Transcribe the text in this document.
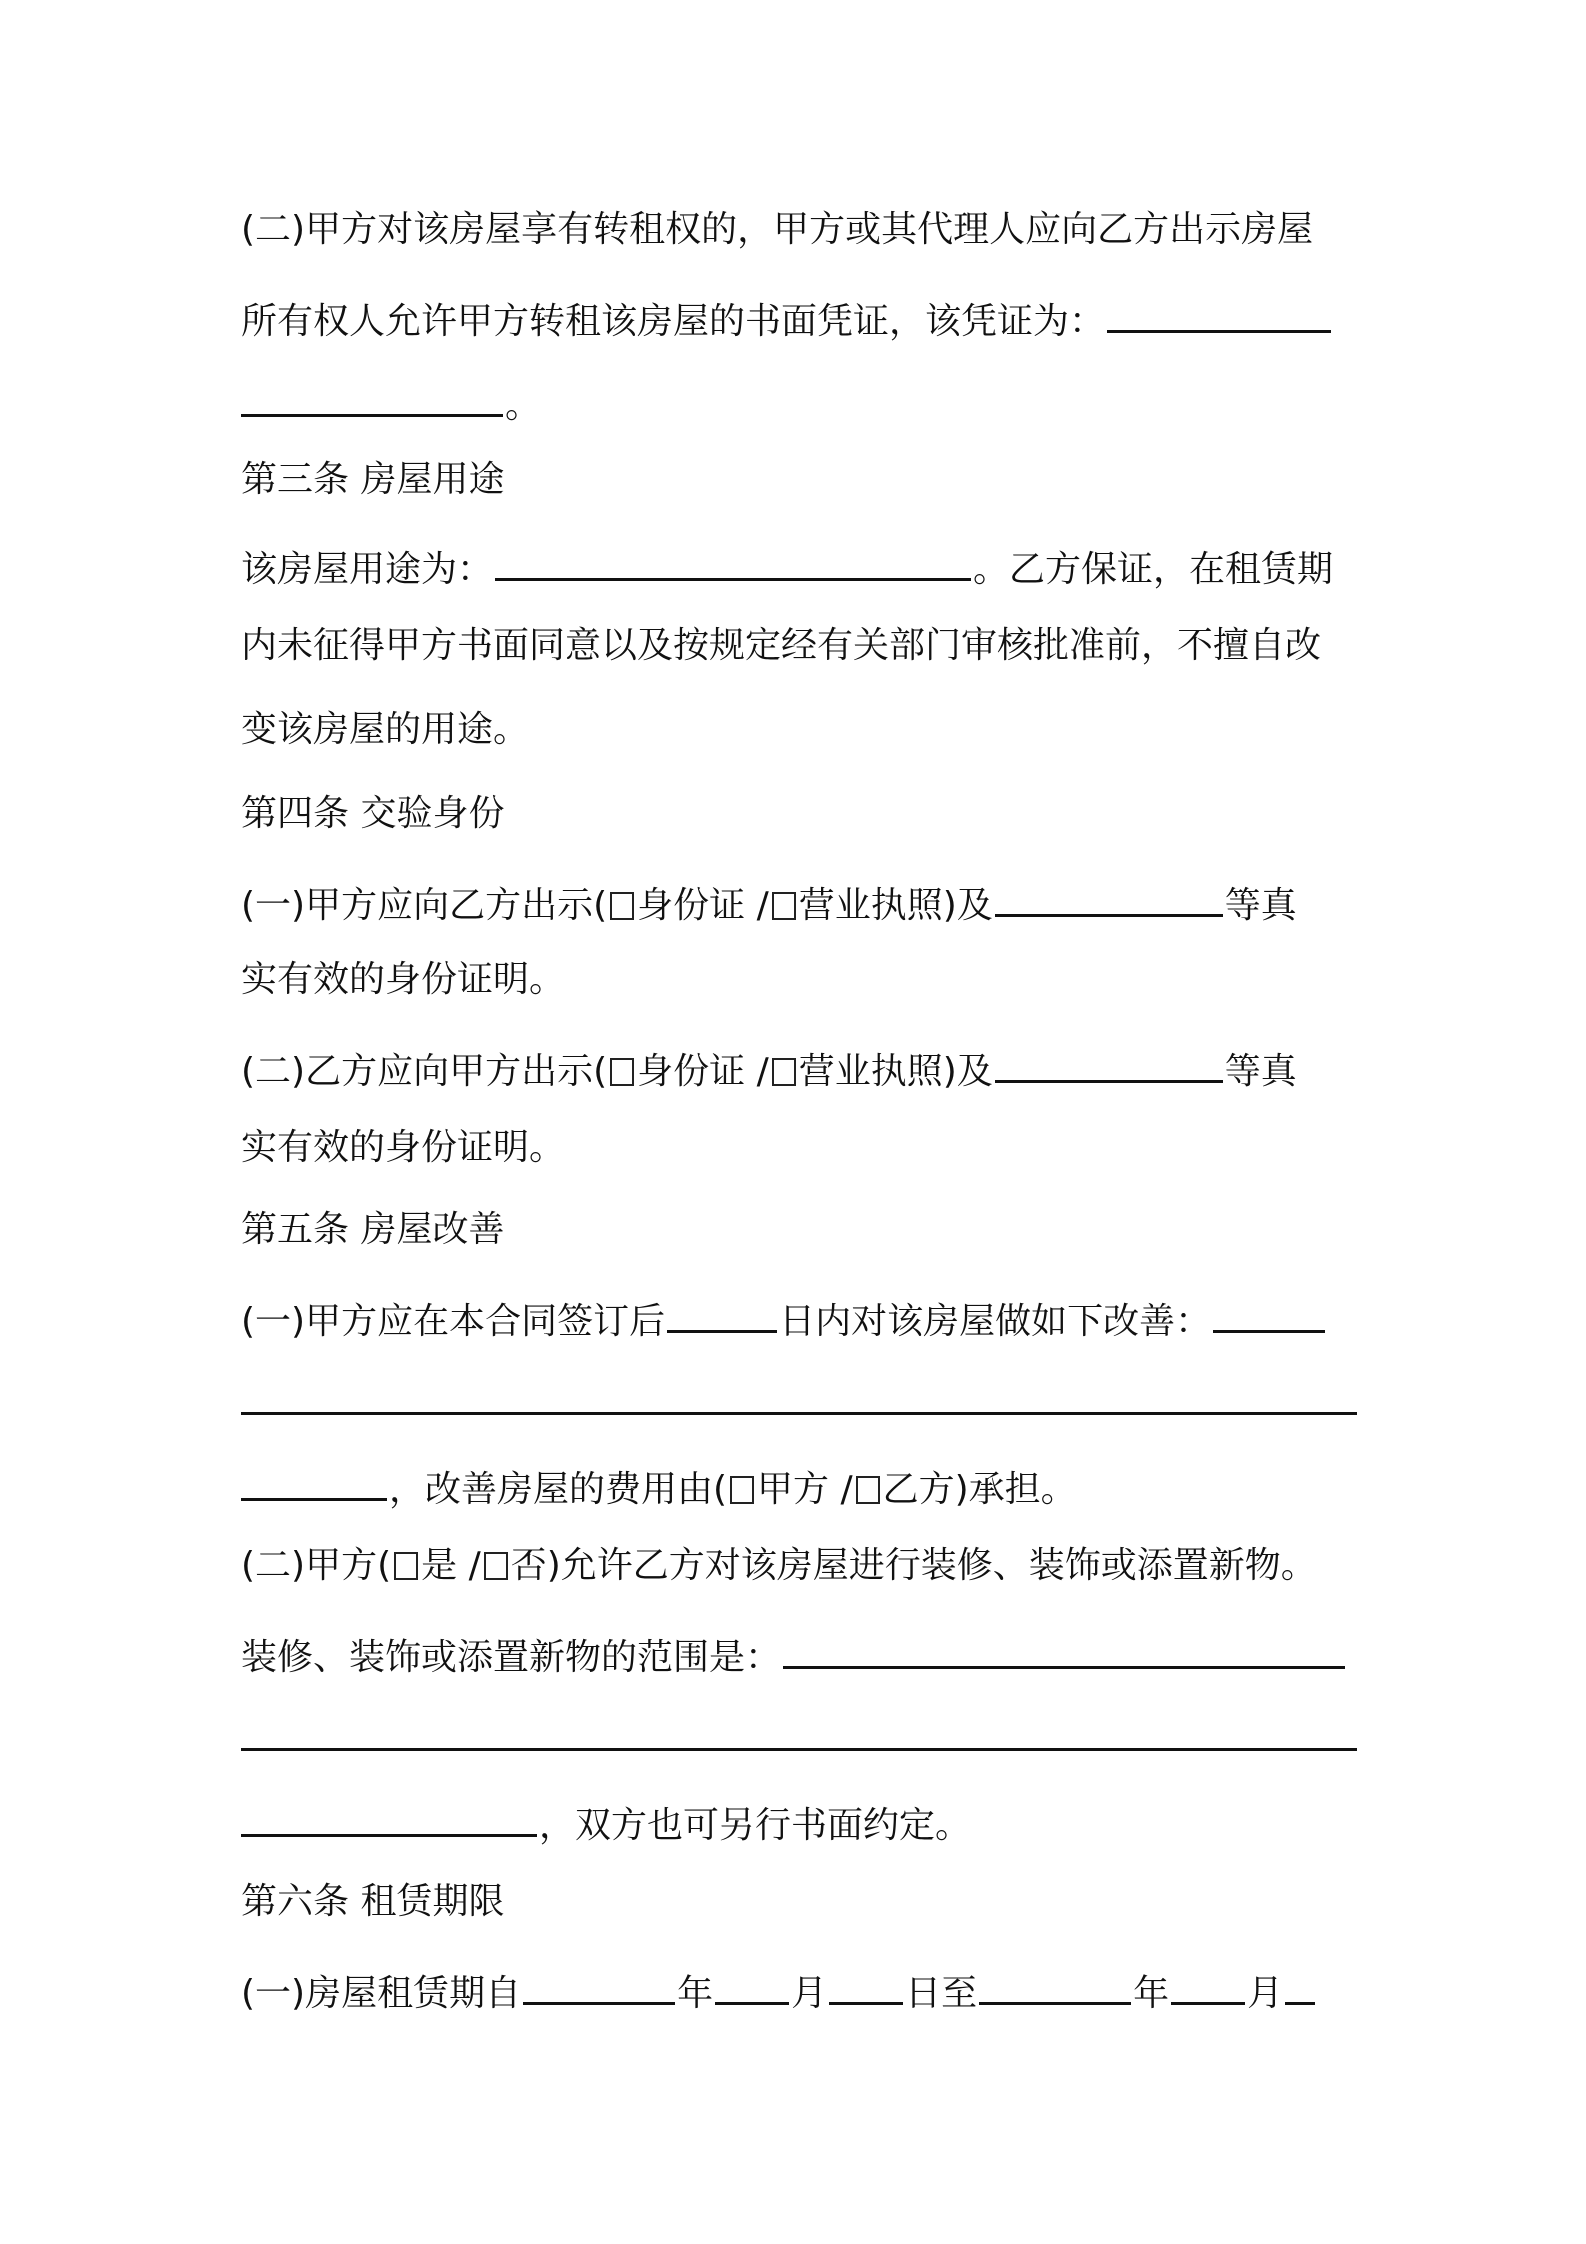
(二)甲方对该房屋享有转租权的，甲方或其代理人应向乙方出示房屋
所有权人允许甲方转租该房屋的书面凭证，该凭证为：
。
第三条 房屋用途
该房屋用途为：	。乙方保证，在租赁期
内未征得甲方书面同意以及按规定经有关部门审核批准前，不擅自改
变该房屋的用途。
第四条 交验身份
(一)甲方应向乙方出示( 身份证 / 营业执照)及	等真
实有效的身份证明。
(二)乙方应向甲方出示( 身份证 / 营业执照)及	等真
实有效的身份证明。
第五条 房屋改善
(一)甲方应在本合同签订后	日内对该房屋做如下改善：
，改善房屋的费用由( 甲方 / 乙方)承担。
(二)甲方( 是 / 否)允许乙方对该房屋进行装修、装饰或添置新物。
装修、装饰或添置新物的范围是：
，双方也可另行书面约定。
第六条 租赁期限
(一)房屋租赁期自	年 月 日至	年 月
